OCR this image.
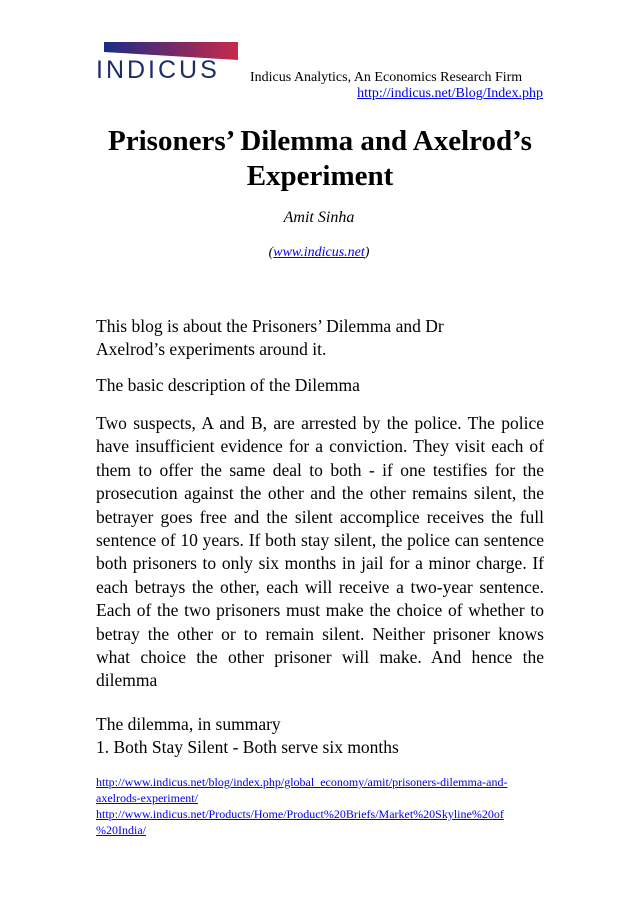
INDICUS Indicus Analytics, An Economics Research Firm
http://indicus.net/Blog/Index.php
Prisoners’ Dilemma and Axelrod’s
Experiment
Amit Sinha
(www.indicus.net)
This blog is about the Prisoners’ Dilemma and Dr
Axelrod’s experiments around it.
The basic description of the Dilemma
Two suspects, A and B, are arrested by the police. The police have insufficient evidence for a conviction. They visit each of them to offer the same deal to both - if one testifies for the prosecution against the other and the other remains silent, the betrayer goes free and the silent accomplice receives the full sentence of 10 years. If both stay silent, the police can sentence both prisoners to only six months in jail for a minor charge. If each betrays the other, each will receive a two-year sentence. Each of the two prisoners must make the choice of whether to betray the other or to remain silent. Neither prisoner knows what choice the other prisoner will make. And hence the dilemma
The dilemma, in summary
1. Both Stay Silent - Both serve six months
http://www.indicus.net/blog/index.php/global_economy/amit/prisoners-dilemma-and-
axelrods-experiment/
http://www.indicus.net/Products/Home/Product%20Briefs/Market%20Skyline%20of
%20India/
